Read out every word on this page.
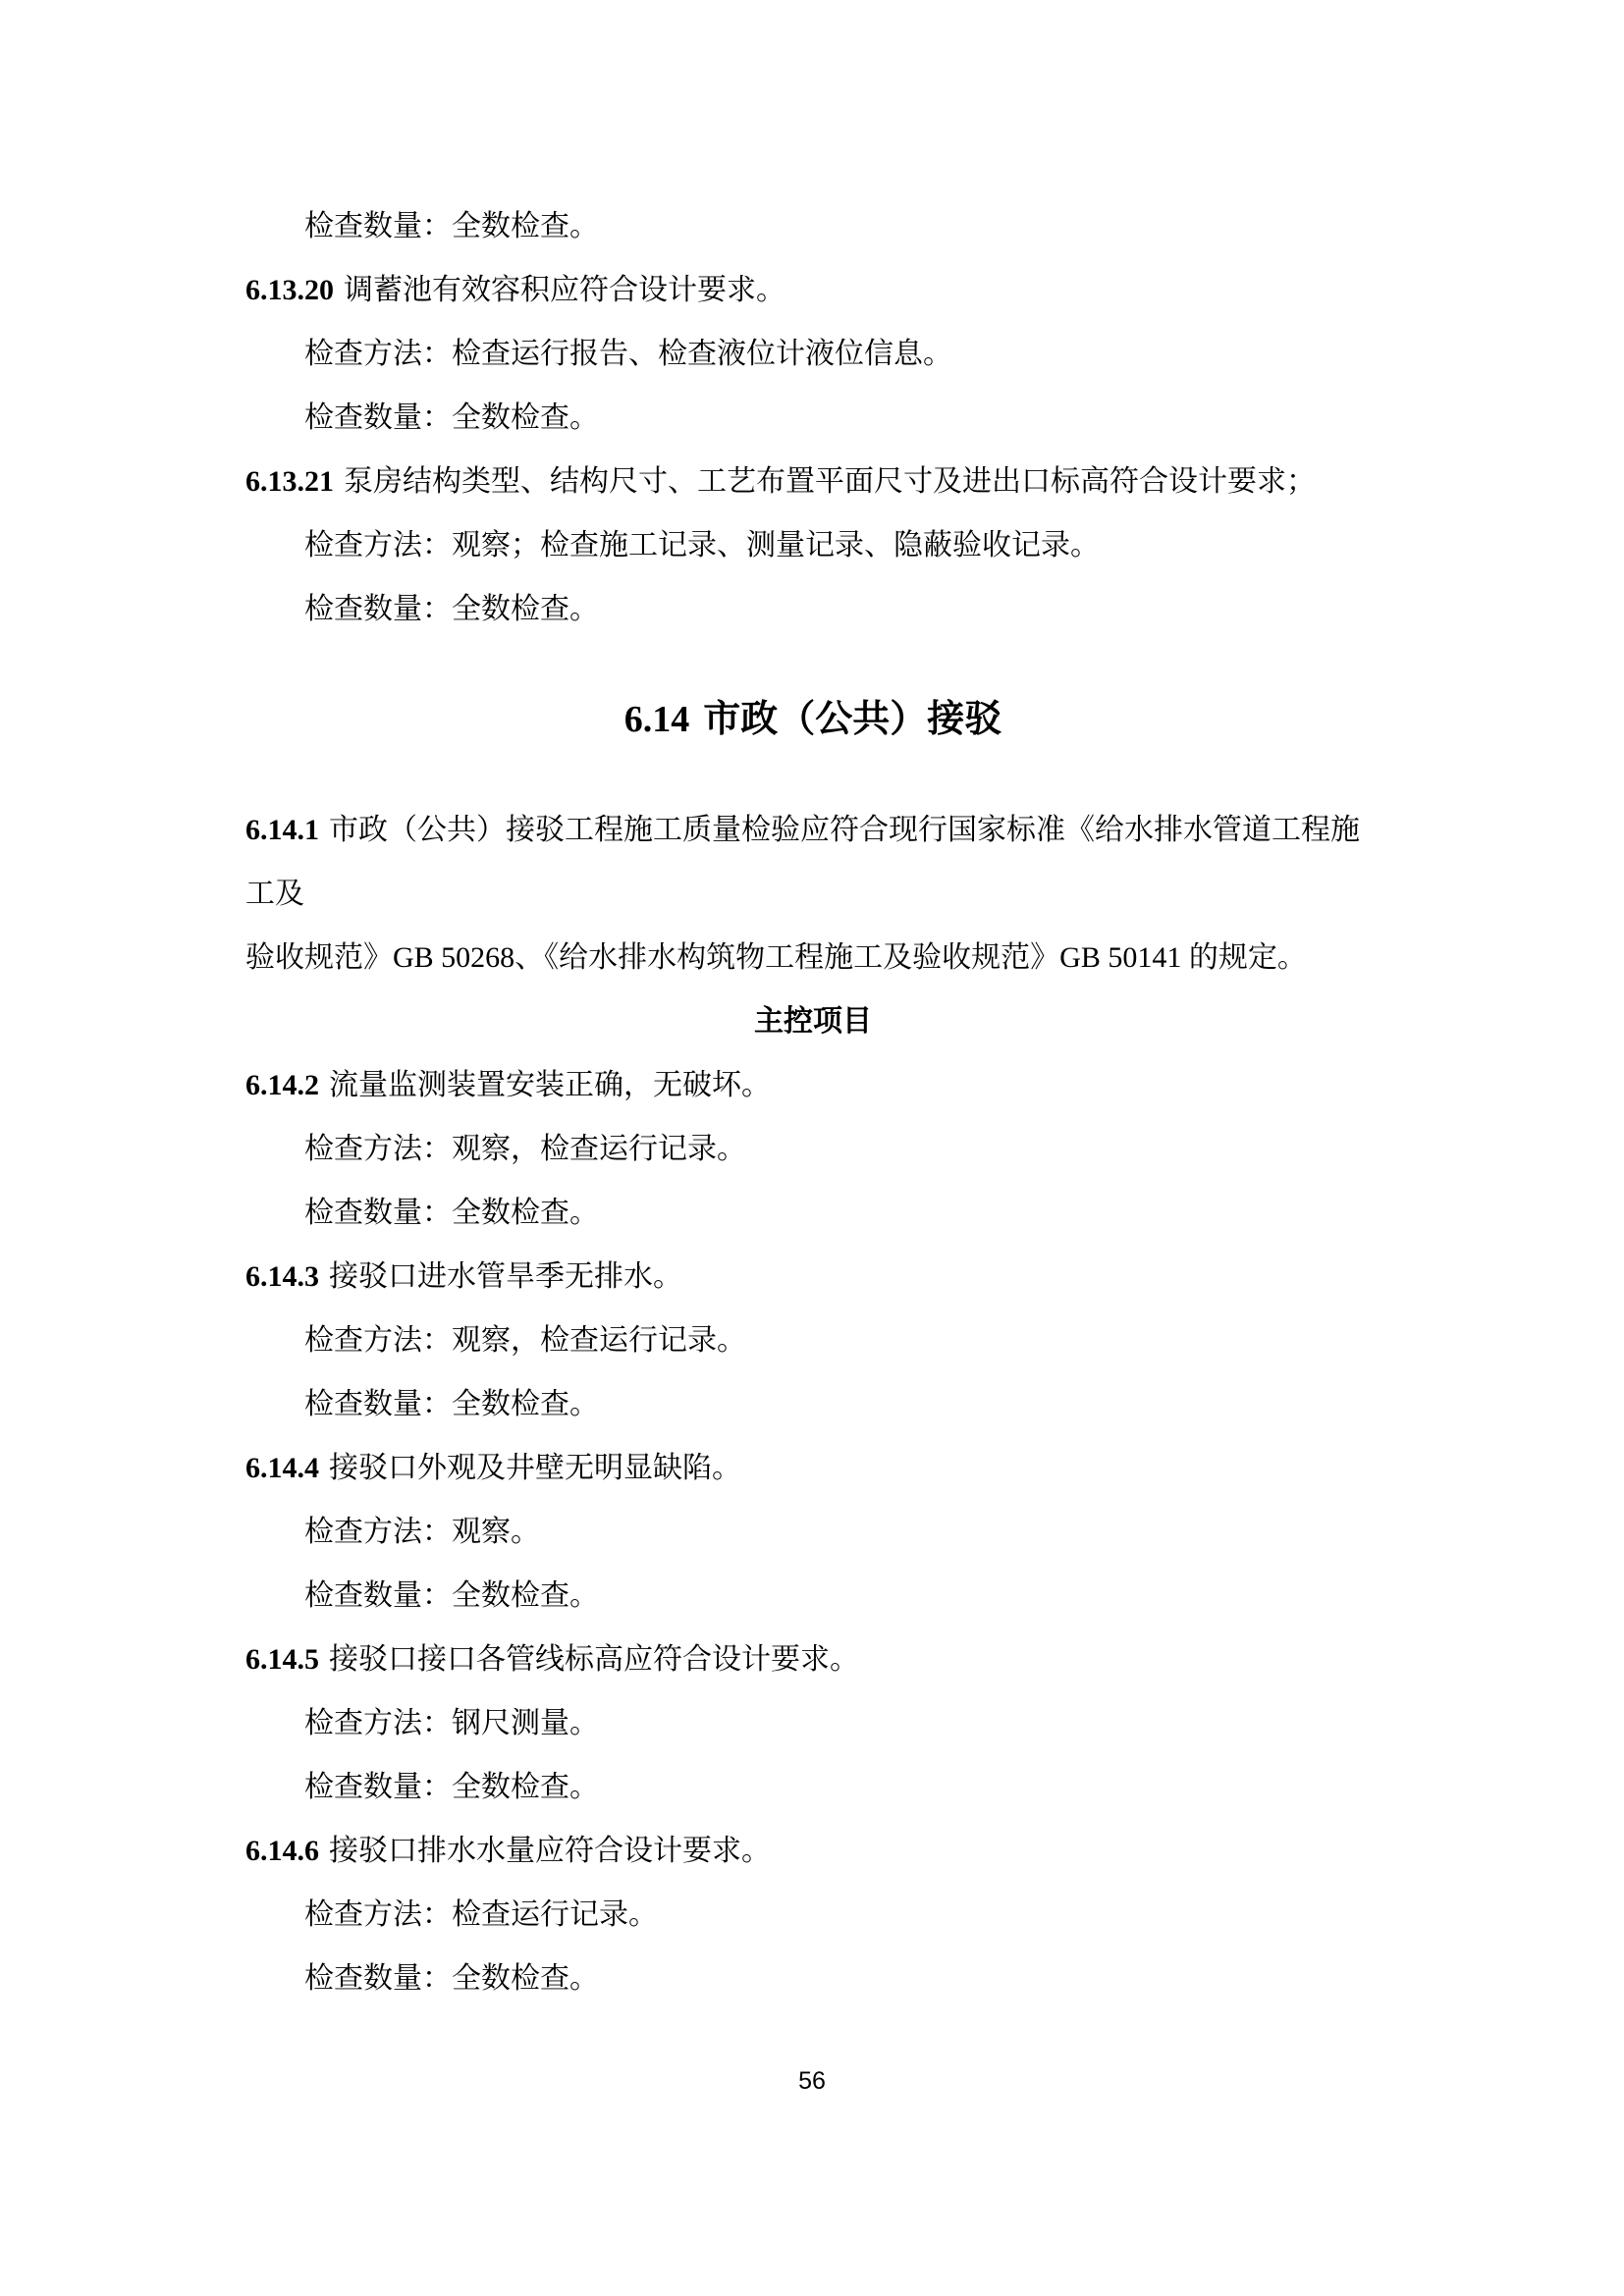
检查数量：全数检查。
6.13.20 调蓄池有效容积应符合设计要求。
检查方法：检查运行报告、检查液位计液位信息。
检查数量：全数检查。
6.13.21 泵房结构类型、结构尺寸、工艺布置平面尺寸及进出口标高符合设计要求；
检查方法：观察；检查施工记录、测量记录、隐蔽验收记录。
检查数量：全数检查。
6.14 市政（公共）接驳
6.14.1 市政（公共）接驳工程施工质量检验应符合现行国家标准《给水排水管道工程施工及
验收规范》GB 50268、《给水排水构筑物工程施工及验收规范》GB 50141 的规定。
主控项目
6.14.2 流量监测装置安装正确，无破坏。
检查方法：观察，检查运行记录。
检查数量：全数检查。
6.14.3 接驳口进水管旱季无排水。
检查方法：观察，检查运行记录。
检查数量：全数检查。
6.14.4 接驳口外观及井壁无明显缺陷。
检查方法：观察。
检查数量：全数检查。
6.14.5 接驳口接口各管线标高应符合设计要求。
检查方法：钢尺测量。
检查数量：全数检查。
6.14.6 接驳口排水水量应符合设计要求。
检查方法：检查运行记录。
检查数量：全数检查。
56
